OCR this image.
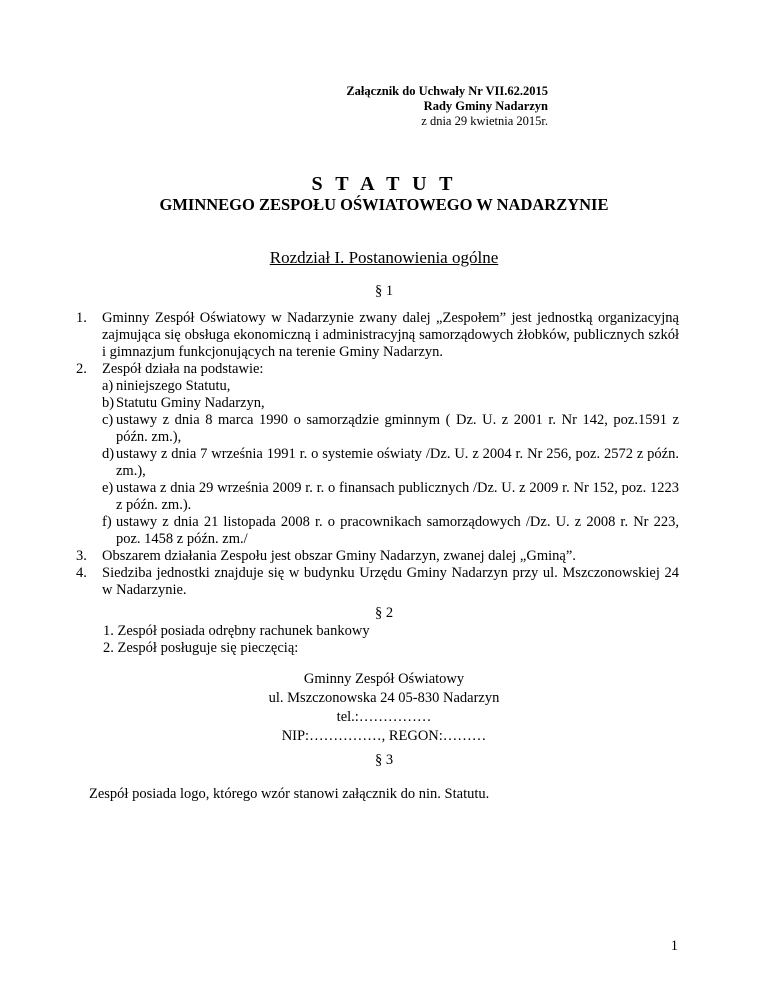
Załącznik do Uchwały Nr VII.62.2015
Rady Gminy Nadarzyn
z dnia 29 kwietnia 2015r.
S T A T U T
GMINNEGO ZESPOŁU OŚWIATOWEGO W NADARZYNIE
Rozdział I. Postanowienia ogólne
§ 1
1. Gminny Zespół Oświatowy w Nadarzynie zwany dalej „Zespołem” jest jednostką organizacyjną zajmująca się obsługa ekonomiczną i administracyjną samorządowych żłobków, publicznych szkół i gimnazjum funkcjonujących na terenie Gminy Nadarzyn.
2. Zespół działa na podstawie:
a) niniejszego Statutu,
b) Statutu Gminy Nadarzyn,
c) ustawy z dnia 8 marca 1990 o samorządzie gminnym ( Dz. U. z 2001 r. Nr 142, poz.1591 z późn. zm.),
d) ustawy z dnia 7 września 1991 r. o systemie oświaty /Dz. U. z 2004 r. Nr 256, poz. 2572 z późn. zm.),
e) ustawa z dnia 29 września 2009 r. r. o finansach publicznych /Dz. U. z 2009 r. Nr 152, poz. 1223 z późn. zm.).
f) ustawy z dnia 21 listopada 2008 r. o pracownikach samorządowych /Dz. U. z 2008 r. Nr 223, poz. 1458 z późn. zm./
3. Obszarem działania Zespołu jest obszar Gminy Nadarzyn, zwanej dalej „Gminą”.
4. Siedziba jednostki znajduje się w budynku Urzędu Gminy Nadarzyn przy ul. Mszczonowskiej 24 w Nadarzynie.
§ 2
1. Zespół posiada odrębny rachunek bankowy
2. Zespół posługuje się pieczęcią:
Gminny Zespół Oświatowy
ul. Mszczonowska 24 05-830 Nadarzyn
tel.:……………
NIP:……………, REGON:………
§ 3
Zespół posiada logo, którego wzór stanowi załącznik do nin. Statutu.
1
